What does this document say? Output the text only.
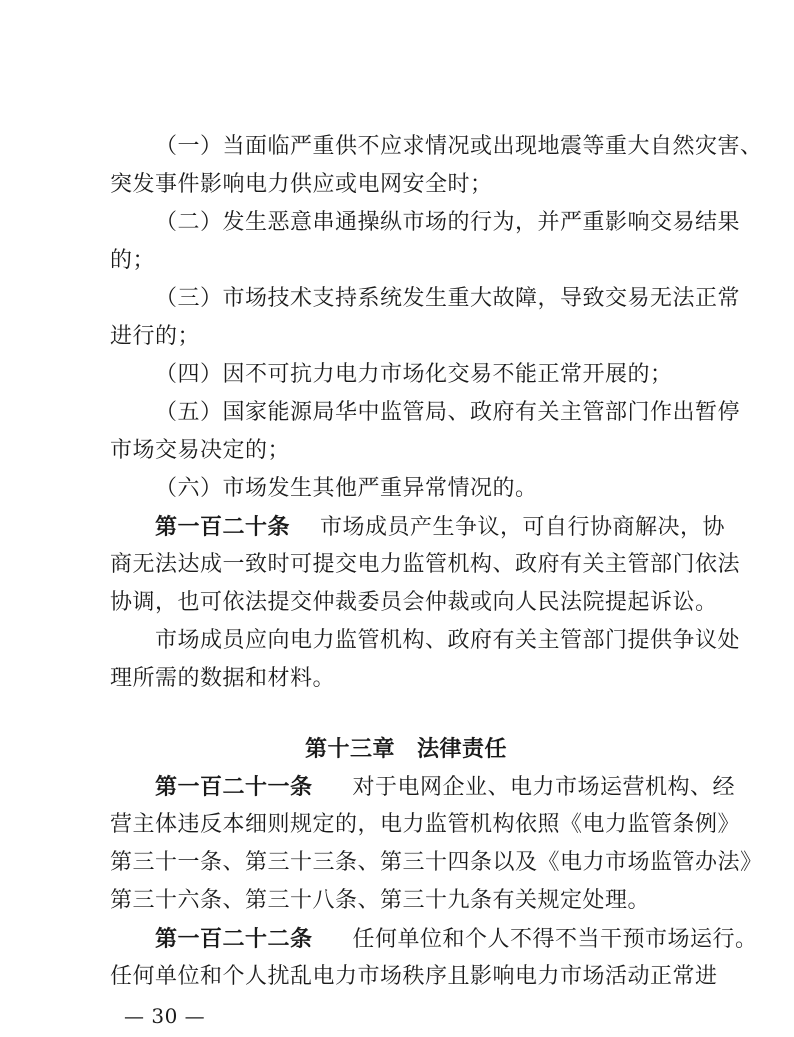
（一）当面临严重供不应求情况或出现地震等重大自然灾害、
突发事件影响电力供应或电网安全时；
（二）发生恶意串通操纵市场的行为，并严重影响交易结果
的；
（三）市场技术支持系统发生重大故障，导致交易无法正常
进行的；
（四）因不可抗力电力市场化交易不能正常开展的；
（五）国家能源局华中监管局、政府有关主管部门作出暂停
市场交易决定的；
（六）市场发生其他严重异常情况的。
第一百二十条 市场成员产生争议，可自行协商解决，协
商无法达成一致时可提交电力监管机构、政府有关主管部门依法
协调，也可依法提交仲裁委员会仲裁或向人民法院提起诉讼。
市场成员应向电力监管机构、政府有关主管部门提供争议处
理所需的数据和材料。
第十三章 法律责任
第一百二十一条 对于电网企业、电力市场运营机构、经
营主体违反本细则规定的，电力监管机构依照《电力监管条例》
第三十一条、第三十三条、第三十四条以及《电力市场监管办法》
第三十六条、第三十八条、第三十九条有关规定处理。
第一百二十二条 任何单位和个人不得不当干预市场运行。
任何单位和个人扰乱电力市场秩序且影响电力市场活动正常进
— 30 —
